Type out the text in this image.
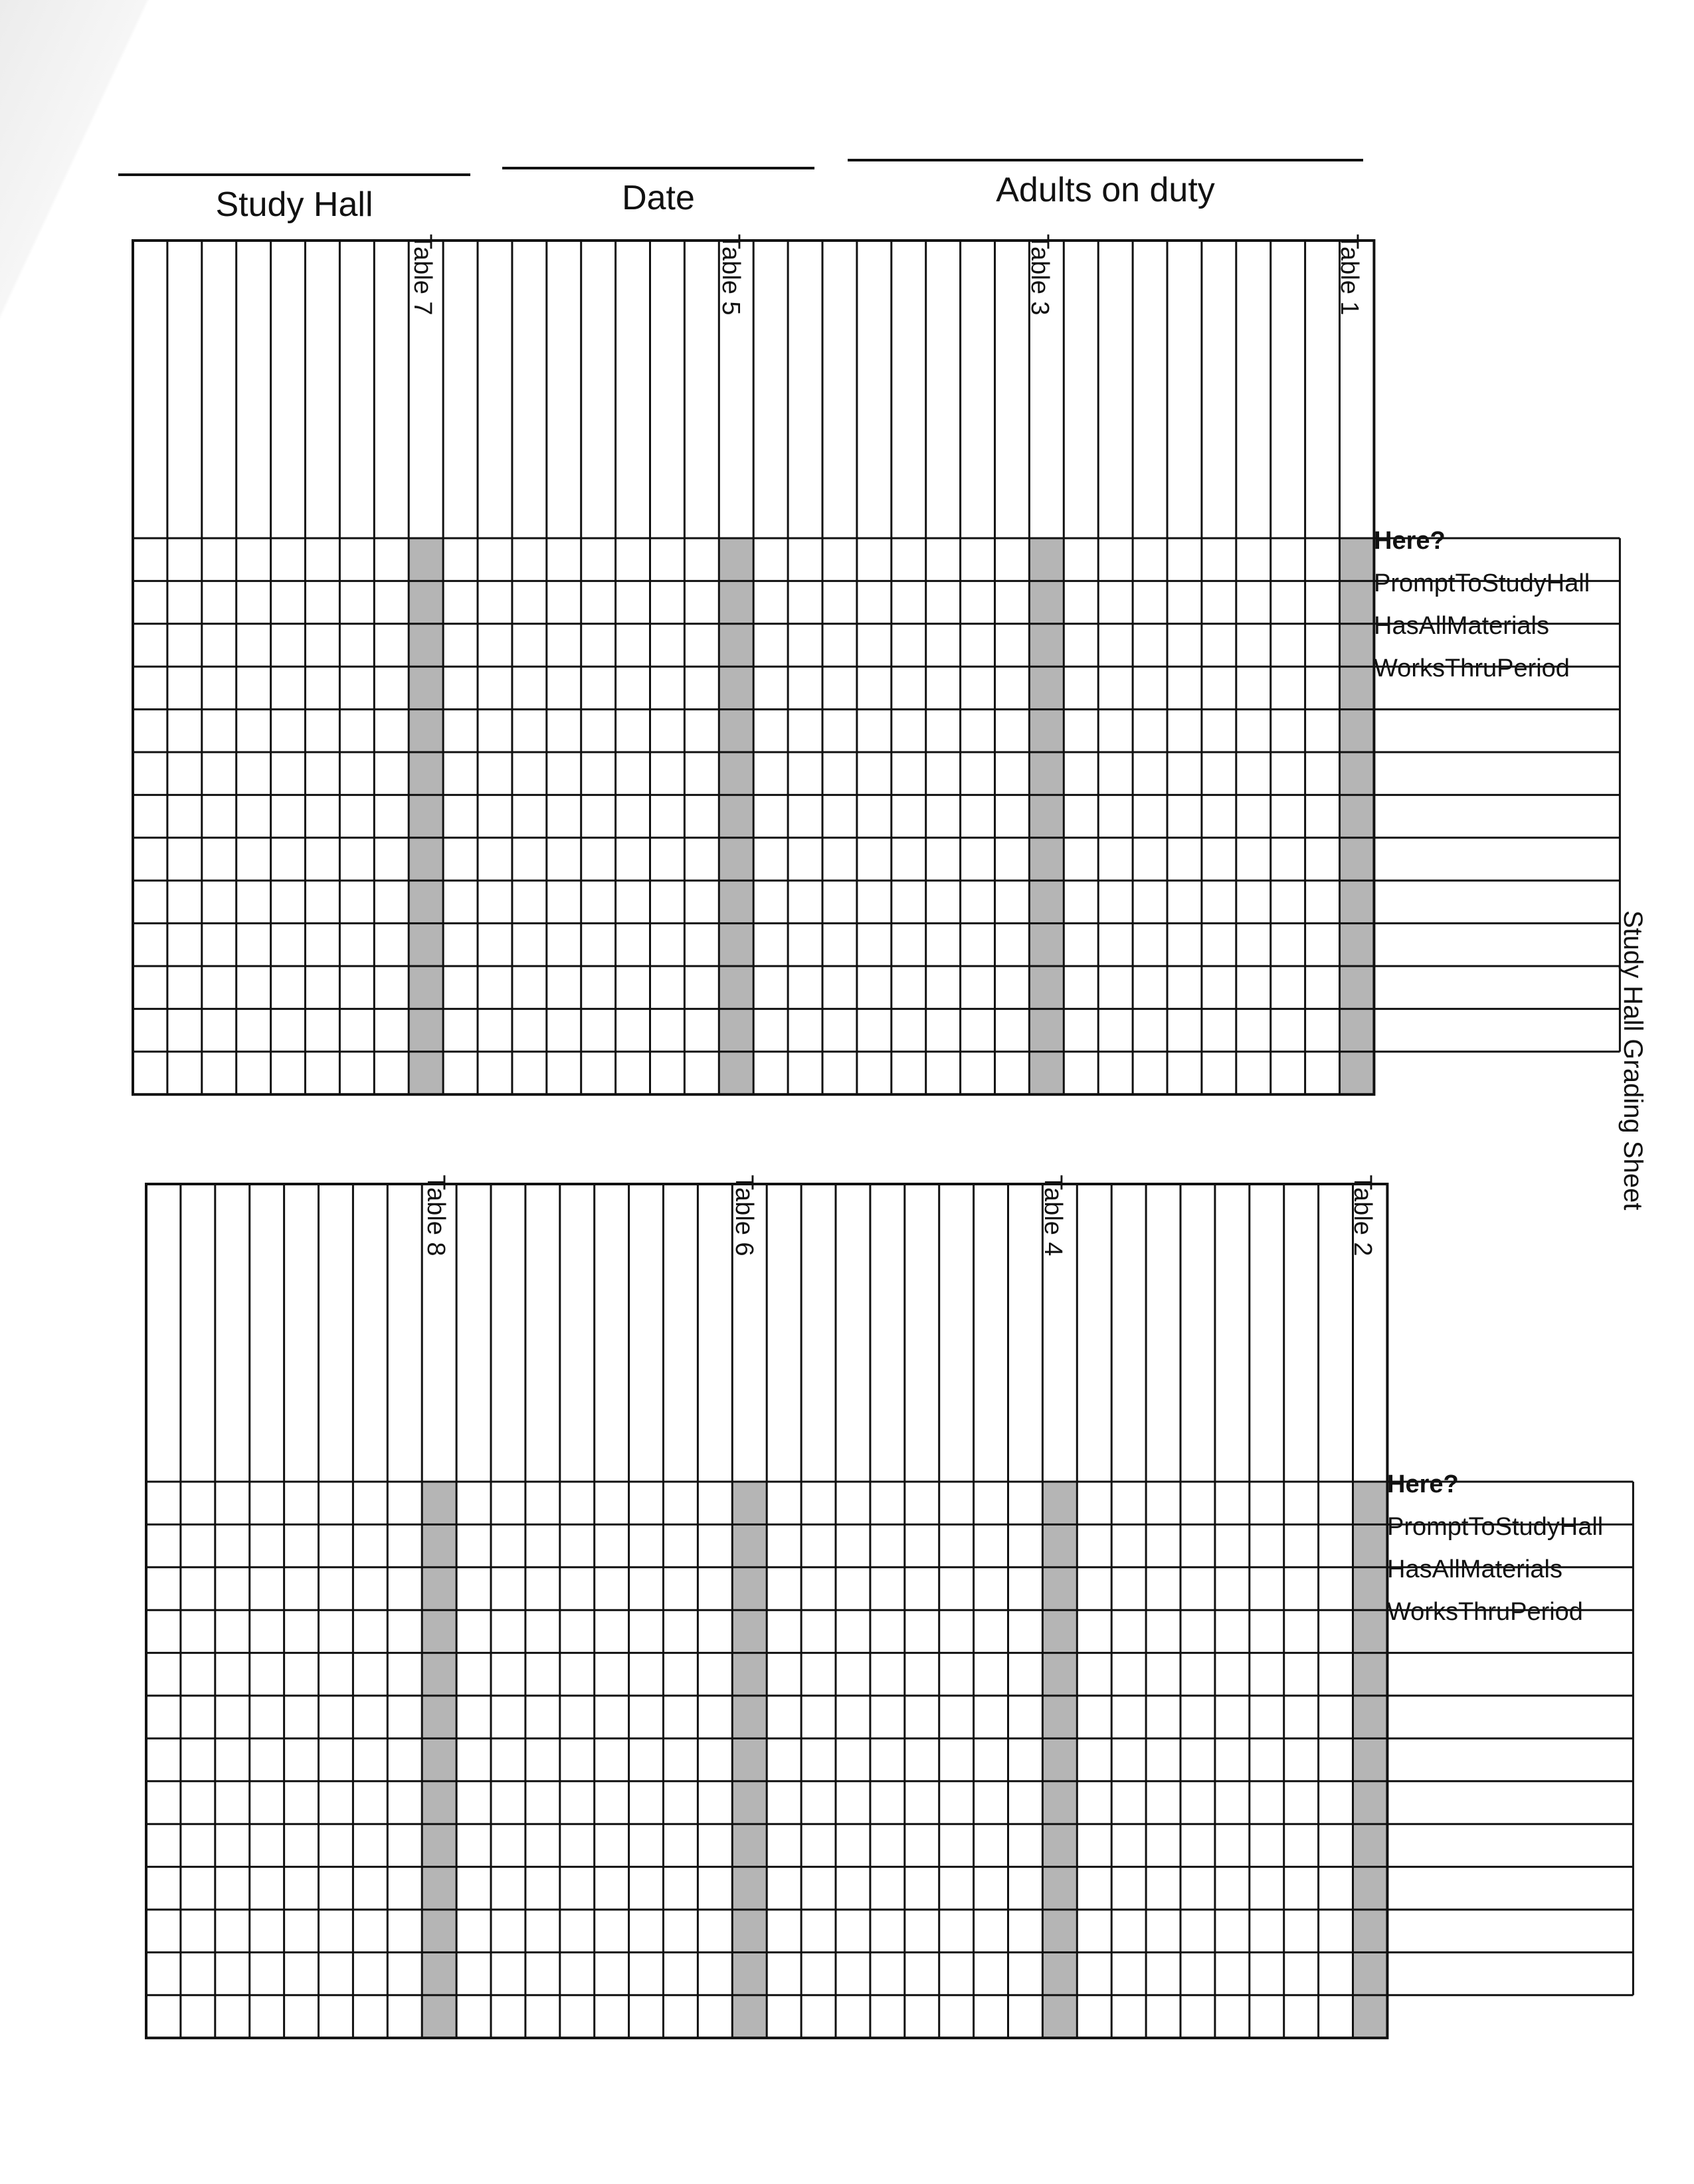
Study Hall	Date	Adults on duty
Study Hall Grading Sheet
Table 7	Table 5	Table 3	Table 1
Here?
PromptToStudyHall
HasAllMaterials
WorksThruPeriod
Table 8	Table 6	Table 4	Table 2
Here?
PromptToStudyHall
HasAllMaterials
WorksThruPeriod
